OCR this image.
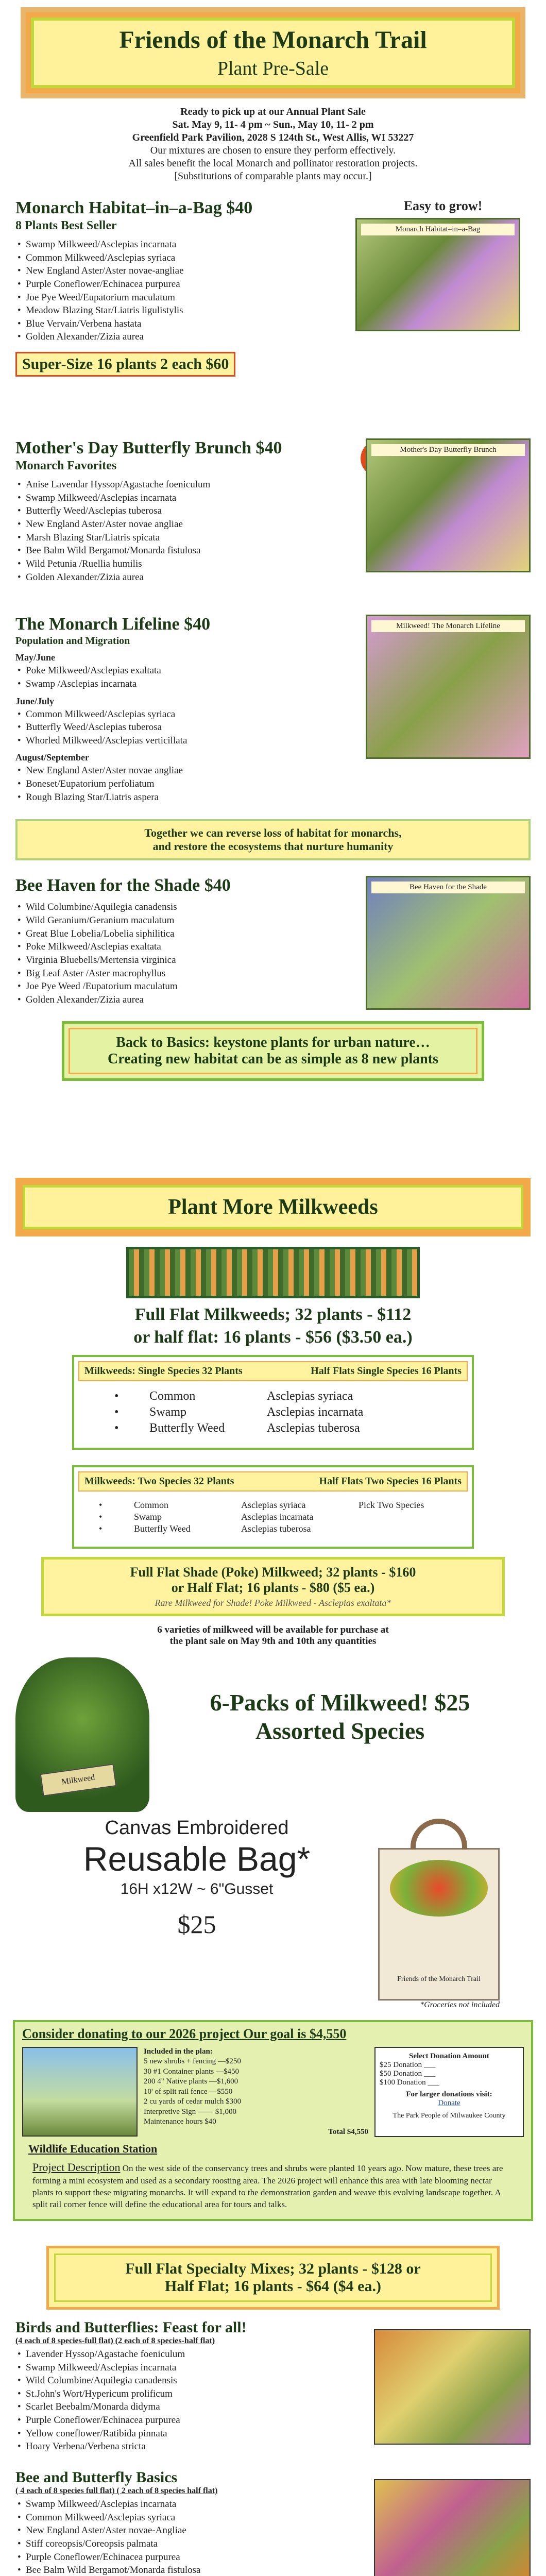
Friends of the Monarch Trail

Plant Pre-Sale

Ready to pick up at our Annual Plant Sale
Sat. May 9, 11- 4 pm ~ Sun., May 10, 11- 2 pm
Greenfield Park Pavilion, 2028 S 124th St., West Allis, WI 53227
Our mixtures are chosen to ensure they perform effectively.
All sales benefit the local Monarch and pollinator restoration projects.
[Substitutions of comparable plants may occur.]

Monarch Habitat–in–a-Bag $40

8 Plants Best Seller

• Swamp Milkweed/Asclepias incarnata
• Common Milkweed/Asclepias syriaca
• New England Aster/Aster novae-angliae
• Purple Coneflower/Echinacea purpurea
• Joe Pye Weed/Eupatorium maculatum
• Meadow Blazing Star/Liatris ligulistylis
• Blue Vervain/Verbena hastata
• Golden Alexander/Zizia aurea
Super-Size 16 plants 2 each $60
Easy to grow!
Monarch Habitat–in–a-Bag

Mother's Day Butterfly Brunch $40

Monarch Favorites

• Anise Lavendar Hyssop/Agastache foeniculum
• Swamp Milkweed/Asclepias incarnata
• Butterfly Weed/Asclepias tuberosa
• New England Aster/Aster novae angliae
• Marsh Blazing Star/Liatris spicata
• Bee Balm Wild Bergamot/Monarda fistulosa
• Wild Petunia /Ruellia humilis
• Golden Alexander/Zizia aurea
Mother's Day Butterfly Brunch

The Monarch Lifeline $40

Population and Migration

May/June
• Poke Milkweed/Asclepias exaltata
• Swamp /Asclepias incarnata
June/July
• Common Milkweed/Asclepias syriaca
• Butterfly Weed/Asclepias tuberosa
• Whorled Milkweed/Asclepias verticillata
August/September
• New England Aster/Aster novae angliae
• Boneset/Eupatorium perfoliatum
• Rough Blazing Star/Liatris aspera
Milkweed! The Monarch Lifeline
Together we can reverse loss of habitat for monarchs,
and restore the ecosystems that nurture humanity

Bee Haven for the Shade $40

• Wild Columbine/Aquilegia canadensis
• Wild Geranium/Geranium maculatum
• Great Blue Lobelia/Lobelia siphilitica
• Poke Milkweed/Asclepias exaltata
• Virginia Bluebells/Mertensia virginica
• Big Leaf Aster /Aster macrophyllus
• Joe Pye Weed /Eupatorium maculatum
• Golden Alexander/Zizia aurea
Bee Haven for the Shade
Back to Basics: keystone plants for urban nature…
Creating new habitat can be as simple as 8 new plants
Plant More Milkweeds
Full Flat Milkweeds; 32 plants - $112
or half flat: 16 plants - $56 ($3.50 ea.)
Milkweeds: Single Species 32 Plants	Half Flats Single Species 16 Plants
•	Common	Asclepias syriaca
•	Swamp	Asclepias incarnata
•	Butterfly Weed	Asclepias tuberosa
Milkweeds: Two Species 32 Plants	Half Flats Two Species 16 Plants
•	Common	Asclepias syriaca	Pick Two Species
•	Swamp	Asclepias incarnata
•	Butterfly Weed	Asclepias tuberosa
Full Flat Shade (Poke) Milkweed; 32 plants - $160
or Half Flat; 16 plants - $80 ($5 ea.)
Rare Milkweed for Shade! Poke Milkweed - Asclepias exaltata*
6 varieties of milkweed will be available for purchase at
the plant sale on May 9th and 10th any quantities
Milkweed
6-Packs of Milkweed! $25
Assorted Species
Canvas Embroidered
Reusable Bag*
16H x12W ~ 6"Gusset
$25
Friends of the Monarch Trail
*Groceries not included
Consider donating to our 2026 project Our goal is $4,550
Included in the plan:
5 new shrubs + fencing —$250
30 #1 Container plants —$450
200 4" Native plants —$1,600
10' of split rail fence —$550
2 cu yards of cedar mulch $300
Interpretive Sign —— $1,000
Maintenance hours $40
Total $4,550
Select Donation Amount
$25 Donation ___
$50 Donation ___
$100 Donation ___
For larger donations visit:
Donate
The Park People of Milwaukee County
Wildlife Education Station
Project Description On the west side of the conservancy trees and shrubs were planted 10 years ago. Now mature, these trees are forming a mini ecosystem and used as a secondary roosting area. The 2026 project will enhance this area with late blooming nectar plants to support these migrating monarchs. It will expand to the demonstration garden and weave this evolving landscape together. A split rail corner fence will define the educational area for tours and talks.
Full Flat Specialty Mixes; 32 plants - $128 or
Half Flat; 16 plants - $64 ($4 ea.)

Birds and Butterflies: Feast for all!

(4 each of 8 species-full flat) (2 each of 8 species-half flat)
• Lavender Hyssop/Agastache foeniculum
• Swamp Milkweed/Asclepias incarnata
• Wild Columbine/Aquilegia canadensis
• St.John's Wort/Hypericum prolificum
• Scarlet Beebalm/Monarda didyma
• Purple Coneflower/Echinacea purpurea
• Yellow coneflower/Ratibida pinnata
• Hoary Verbena/Verbena stricta

Bee and Butterfly Basics

( 4 each of 8 species full flat) ( 2 each of 8 species half flat)
• Swamp Milkweed/Asclepias incarnata
• Common Milkweed/Asclepias syriaca
• New England Aster/Aster novae-Angliae
• Stiff coreopsis/Coreopsis palmata
• Purple Coneflower/Echinacea purpurea
• Bee Balm Wild Bergamot/Monarda fistulosa
